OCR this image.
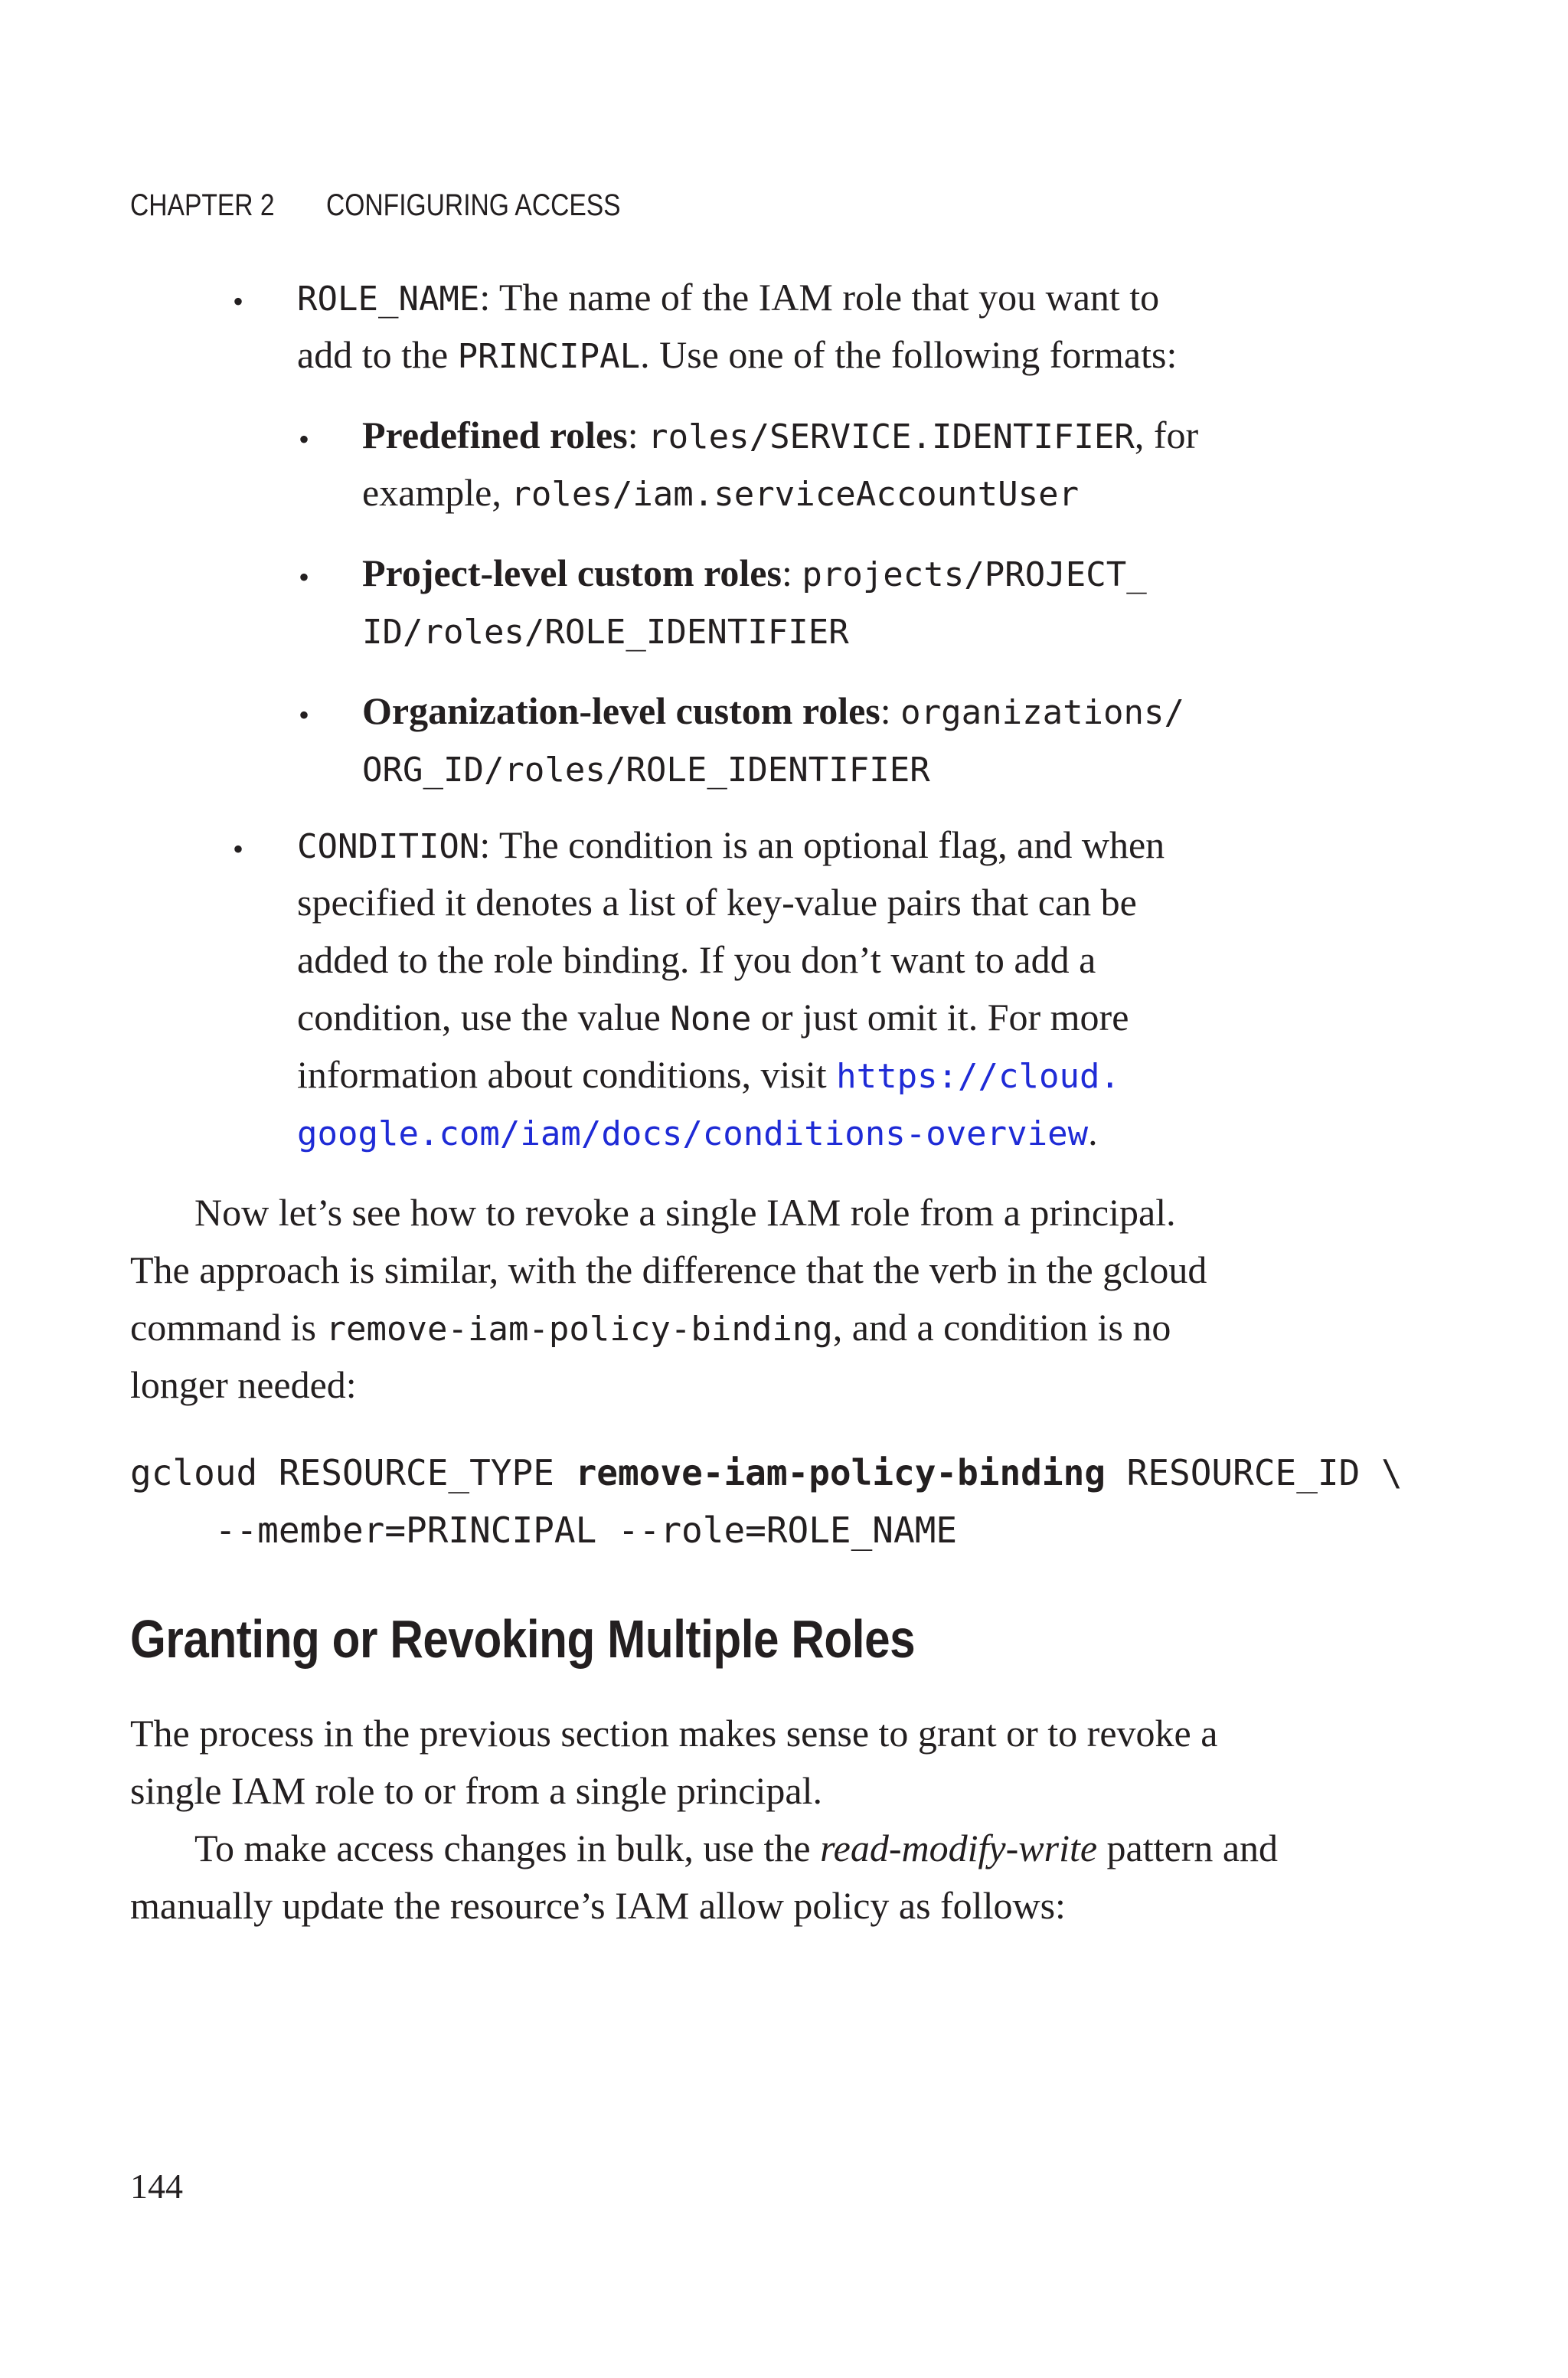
CHAPTER 2 CONFIGURING ACCESS
• ROLE_NAME: The name of the IAM role that you want to
add to the PRINCIPAL. Use one of the following formats:
• Predefined roles: roles/SERVICE.IDENTIFIER, for
example, roles/iam.serviceAccountUser
• Project-level custom roles: projects/PROJECT_
ID/roles/ROLE_IDENTIFIER
• Organization-level custom roles: organizations/
ORG_ID/roles/ROLE_IDENTIFIER
• CONDITION: The condition is an optional flag, and when
specified it denotes a list of key-value pairs that can be
added to the role binding. If you don’t want to add a
condition, use the value None or just omit it. For more
information about conditions, visit https://cloud.
google.com/iam/docs/conditions-overview.
Now let’s see how to revoke a single IAM role from a principal.
The approach is similar, with the difference that the verb in the gcloud
command is remove-iam-policy-binding, and a condition is no
longer needed:
gcloud RESOURCE_TYPE remove-iam-policy-binding RESOURCE_ID \
--member=PRINCIPAL --role=ROLE_NAME
Granting or Revoking Multiple Roles
The process in the previous section makes sense to grant or to revoke a
single IAM role to or from a single principal.
To make access changes in bulk, use the read-modify-write pattern and
manually update the resource’s IAM allow policy as follows:
144
